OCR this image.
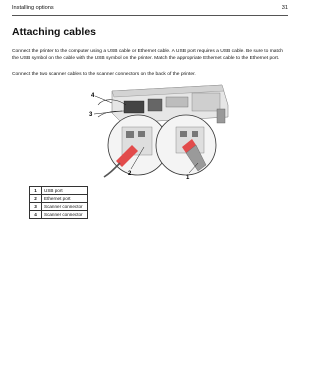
Installing options	31
Attaching cables
Connect the printer to the computer using a USB cable or Ethernet cable. A USB port requires a USB cable. Be sure to match the USB symbol on the cable with the USB symbol on the printer. Match the appropriate Ethernet cable to the Ethernet port.
Connect the two scanner cables to the scanner connectors on the back of the printer.
4
3
2
1
1	USB port
2	Ethernet port
3	Scanner connector
4	Scanner connector
